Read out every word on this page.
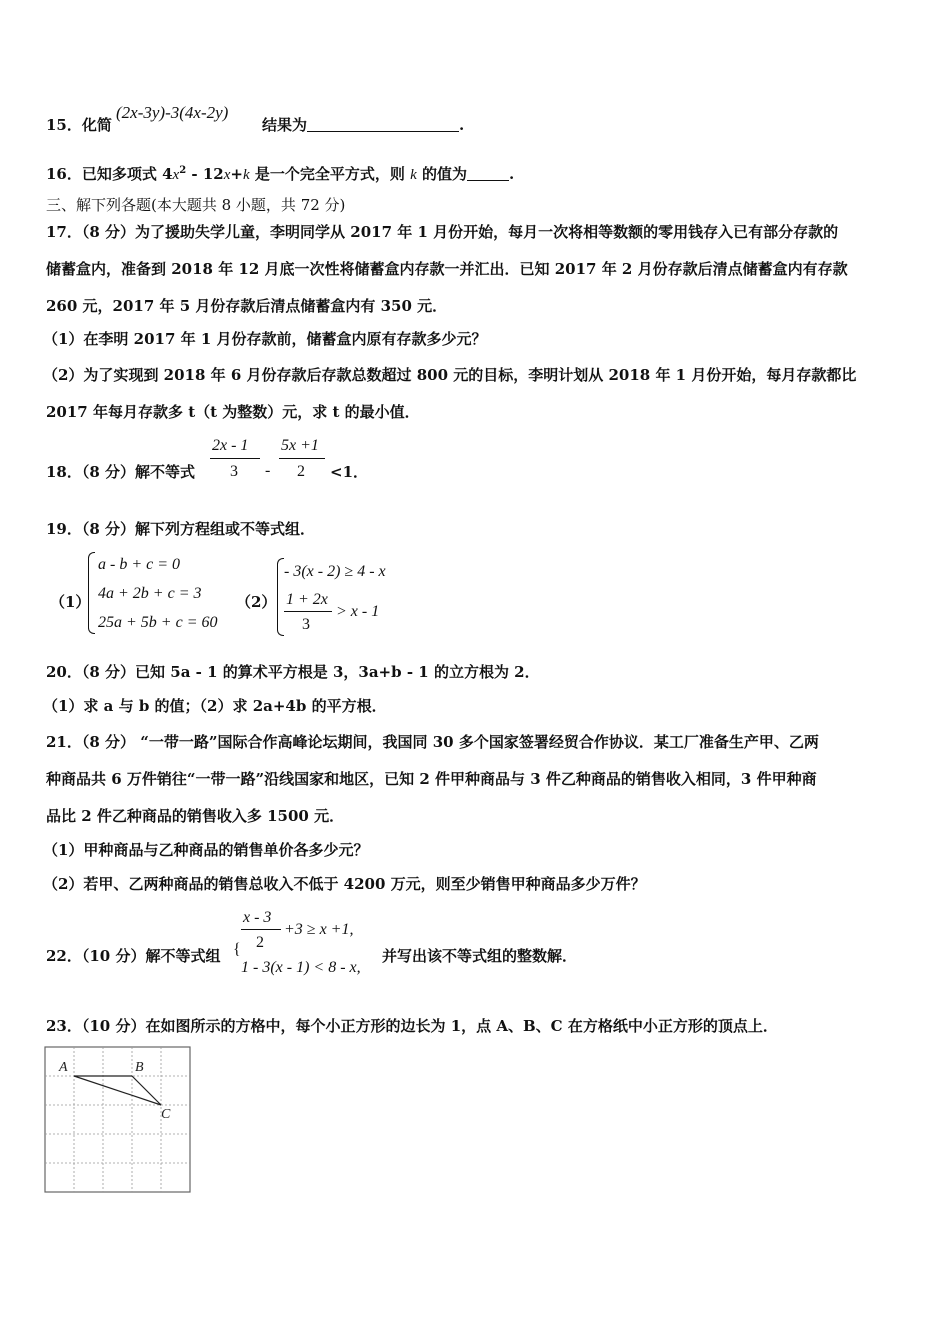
15．化简
(2x-3y)-3(4x-2y)
结果为	.
16．已知多项式 $4x^2 - 12x+k$ 是一个完全平方式，则 k 的值为	.
三、解下列各题(本大题共 8 小题，共 72 分)
17．（8 分）为了援助失学儿童，李明同学从 2017 年 1 月份开始，每月一次将相等数额的零用钱存入已有部分存款的
储蓄盒内，准备到 2018 年 12 月底一次性将储蓄盒内存款一并汇出．已知 2017 年 2 月份存款后清点储蓄盒内有存款
260 元，2017 年 5 月份存款后清点储蓄盒内有 350 元．
（1）在李明 2017 年 1 月份存款前，储蓄盒内原有存款多少元？
（2）为了实现到 2018 年 6 月份存款后存款总数超过 800 元的目标，李明计划从 2018 年 1 月份开始，每月存款都比
2017 年每月存款多 t（t 为整数）元，求 t 的最小值．
18．（8 分）解不等式
2x - 1
3 -
5x +1
2 <1．
19．（8 分）解下列方程组或不等式组．
（1）
a - b + c = 0
4a + 2b + c = 3
25a + 5b + c = 60
（2）
- 3(x - 2) ≥ 4 - x
1 + 2x
3
> x - 1
20．（8 分）已知 5a - 1 的算术平方根是 3，3a+b - 1 的立方根为 2．
（1）求 a 与 b 的值；（2）求 2a+4b 的平方根．
21．（8 分） “一带一路”国际合作高峰论坛期间，我国同 30 多个国家签署经贸合作协议．某工厂准备生产甲、乙两
种商品共 6 万件销往“一带一路”沿线国家和地区，已知 2 件甲种商品与 3 件乙种商品的销售收入相同，3 件甲种商
品比 2 件乙种商品的销售收入多 1500 元．
（1）甲种商品与乙种商品的销售单价各多少元？
（2）若甲、乙两种商品的销售总收入不低于 4200 万元，则至少销售甲种商品多少万件？
22．（10 分）解不等式组 {
x - 3
2
+3 ≥ x +1,
1 - 3(x - 1) < 8 - x,
并写出该不等式组的整数解．
23．（10 分）在如图所示的方格中，每个小正方形的边长为 1，点 A、B、C 在方格纸中小正方形的顶点上．
A	B
C
